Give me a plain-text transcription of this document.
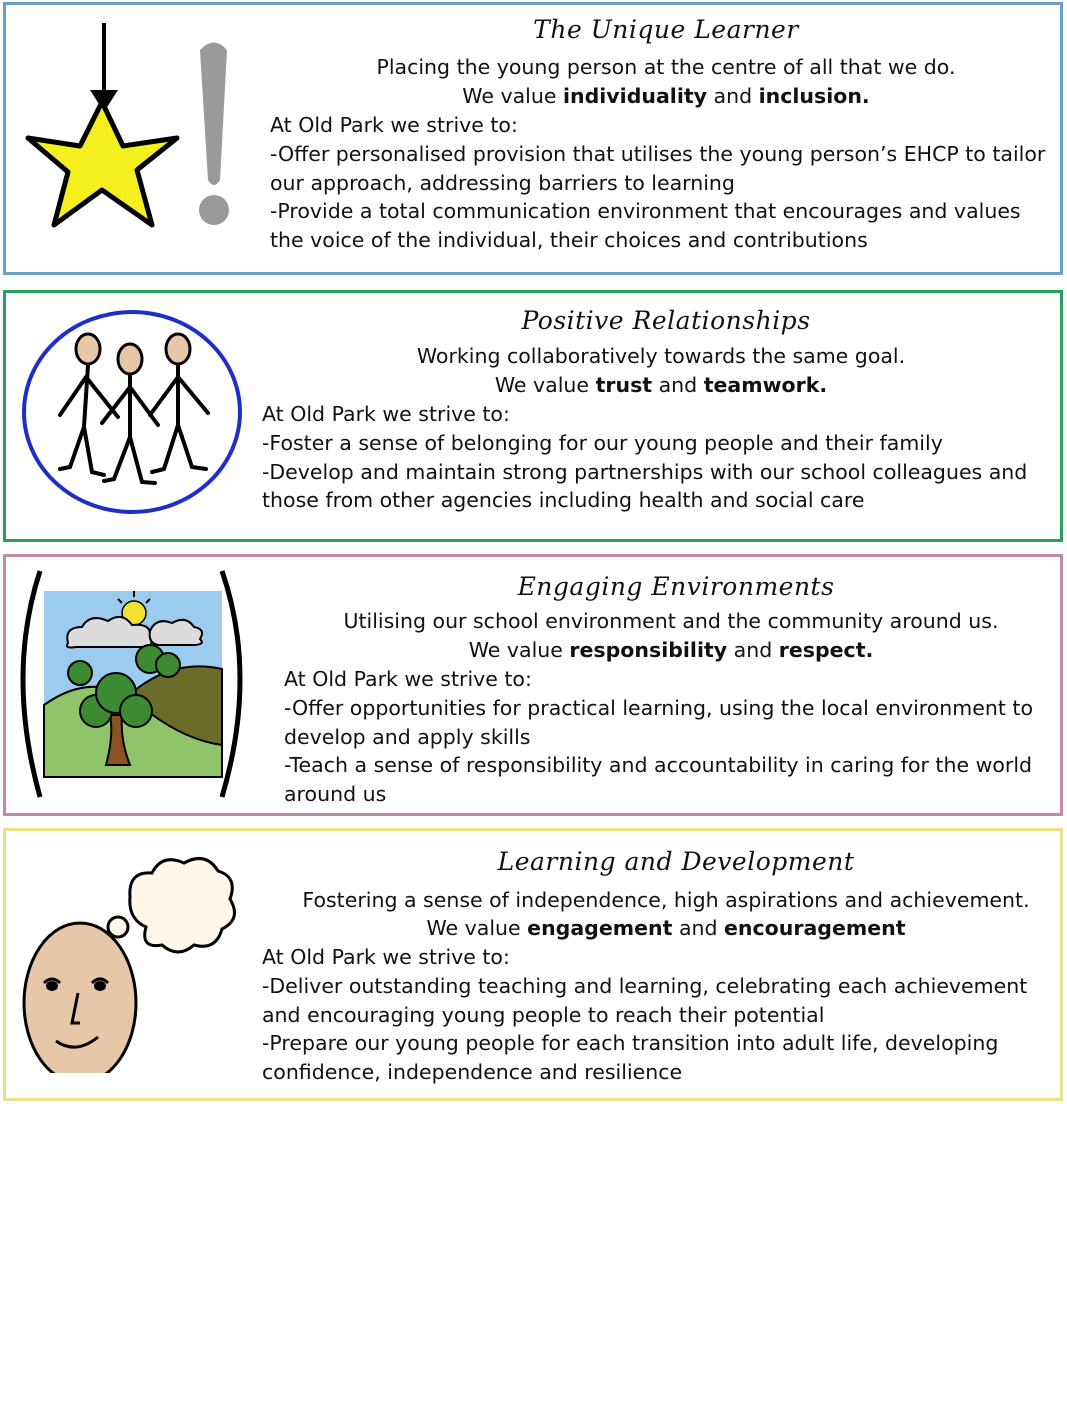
The Unique Learner
Placing the young person at the centre of all that we do.
We value individuality and inclusion.

At Old Park we strive to:

-Offer personalised provision that utilises the young person’s EHCP to tailor our approach, addressing barriers to learning

-Provide a total communication environment that encourages and values the voice of the individual, their choices and contributions

Positive Relationships
Working collaboratively towards the same goal.
We value trust and teamwork.

At Old Park we strive to:

-Foster a sense of belonging for our young people and their family

-Develop and maintain strong partnerships with our school colleagues and those from other agencies including health and social care

Engaging Environments
Utilising our school environment and the community around us.
We value responsibility and respect.

At Old Park we strive to:

-Offer opportunities for practical learning, using the local environment to develop and apply skills

-Teach a sense of responsibility and accountability in caring for the world around us

Learning and Development
Fostering a sense of independence, high aspirations and achievement.
We value engagement and encouragement

At Old Park we strive to:

-Deliver outstanding teaching and learning, celebrating each achievement and encouraging young people to reach their potential

-Prepare our young people for each transition into adult life, developing confidence, independence and resilience
